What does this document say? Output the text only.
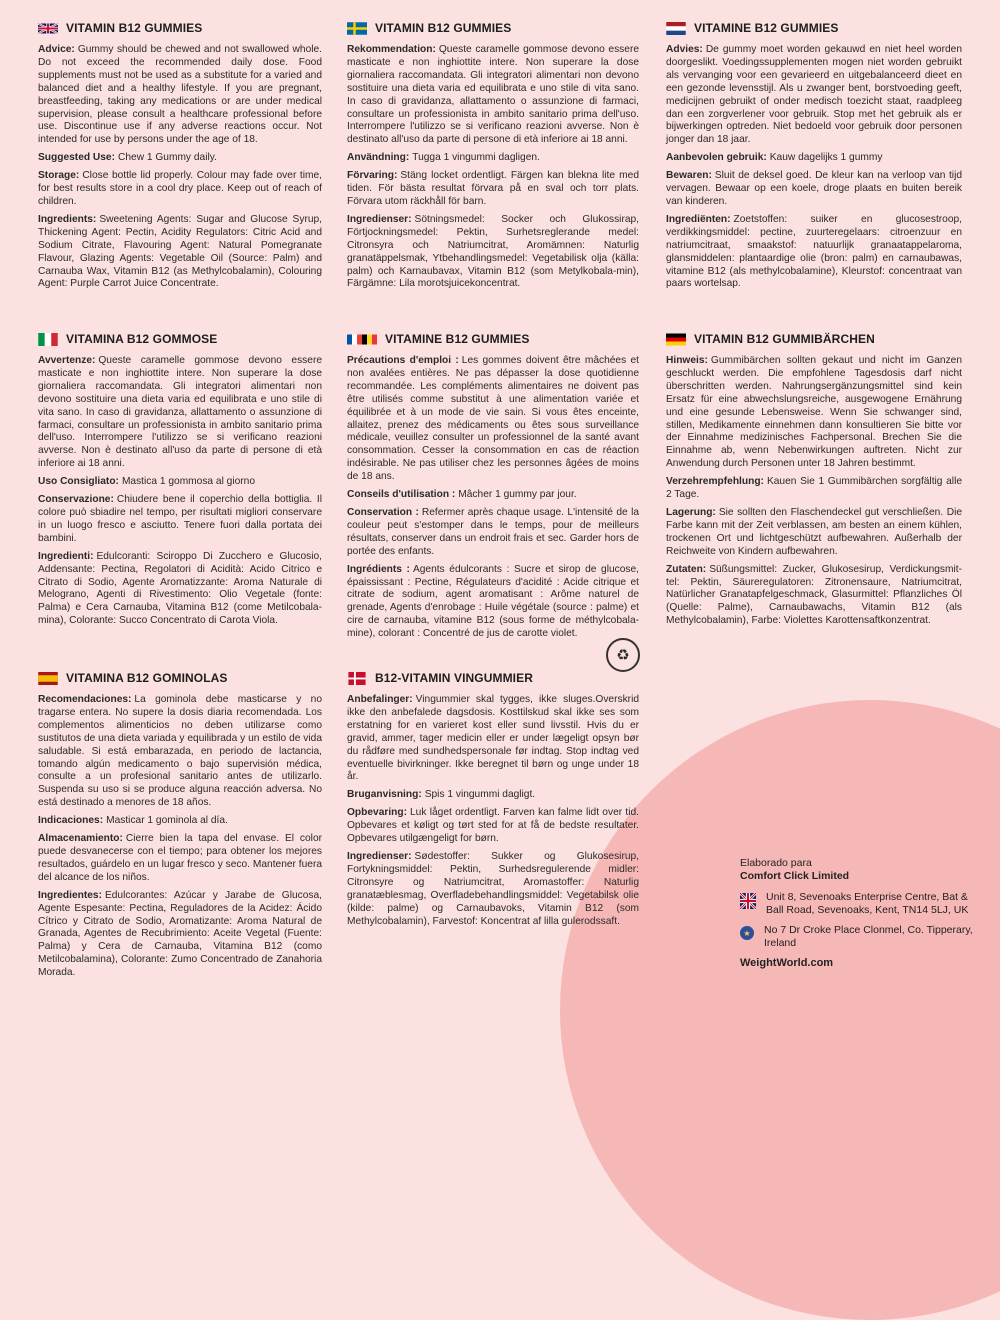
VITAMIN B12 GUMMIES

Advice: Gummy should be chewed and not swallowed whole. Do not exceed the recommended daily dose. Food supplements must not be used as a substitute for a varied and balanced diet and a healthy lifestyle. If you are pregnant, breastfeeding, taking any medications or are under medical supervision, please consult a healthcare professional before use. Discontinue use if any adverse reactions occur. Not intended for use by persons under the age of 18.

Suggested Use: Chew 1 Gummy daily.

Storage: Close bottle lid properly. Colour may fade over time, for best results store in a cool dry place. Keep out of reach of children.

Ingredients: Sweetening Agents: Sugar and Glucose Syrup, Thickening Agent: Pectin, Acidity Regulators: Citric Acid and Sodium Citrate, Flavouring Agent: Natural Pomegranate Flavour, Glazing Agents: Vegetable Oil (Source: Palm) and Carnauba Wax, Vitamin B12 (as Methylcobalamin), Colouring Agent: Purple Carrot Juice Concentrate.

VITAMIN B12 GUMMIES

Rekommendation: Queste caramelle gommose devono essere masticate e non inghiottite intere. Non superare la dose giornaliera raccomandata. Gli integratori alimentari non devono sostituire una dieta varia ed equilibrata e uno stile di vita sano. In caso di gravidanza, allattamento o assunzione di farmaci, consultare un professionista in ambito sanitario prima dell'uso. Interrompere l'utilizzo se si verificano reazioni avverse. Non è destinato all'uso da parte di persone di età inferiore ai 18 anni.

Användning: Tugga 1 vingummi dagligen.

Förvaring: Stäng locket ordentligt. Färgen kan blekna lite med tiden. För bästa resultat förvara på en sval och torr plats. Förvara utom räckhåll för barn.

Ingredienser: Sötningsmedel: Socker och Glukossirap, Förtjockningsmedel: Pektin, Surhetsreglerande medel: Citronsyra och Natriumcitrat, Aromämnen: Naturlig granatäppelsmak, Ytbehandlingsmedel: Vegetabilisk olja (källa: palm) och Karnaubavax, Vitamin B12 (som Metylkobala-min), Färgämne: Lila morotsjuicekoncentrat.

VITAMINE B12 GUMMIES

Advies: De gummy moet worden gekauwd en niet heel worden doorgeslikt. Voedingssupplementen mogen niet worden gebruikt als vervanging voor een gevarieerd en uitgebalanceerd dieet en een gezonde levensstijl. Als u zwanger bent, borstvoeding geeft, medicijnen gebruikt of onder medisch toezicht staat, raadpleeg dan een zorgverlener voor gebruik. Stop met het gebruik als er bijwerkingen optreden. Niet bedoeld voor gebruik door personen jonger dan 18 jaar.

Aanbevolen gebruik: Kauw dagelijks 1 gummy

Bewaren: Sluit de deksel goed. De kleur kan na verloop van tijd vervagen. Bewaar op een koele, droge plaats en buiten bereik van kinderen.

Ingrediënten: Zoetstoffen: suiker en glucosestroop, verdikkingsmiddel: pectine, zuurteregelaars: citroenzuur en natriumcitraat, smaakstof: natuurlijk granaatappelaroma, glansmiddelen: plantaardige olie (bron: palm) en carnaubawas, vitamine B12 (als methylcobalamine), Kleurstof: concentraat van paars wortelsap.

VITAMINA B12 GOMMOSE

Avvertenze: Queste caramelle gommose devono essere masticate e non inghiottite intere. Non superare la dose giornaliera raccomandata. Gli integratori alimentari non devono sostituire una dieta varia ed equilibrata e uno stile di vita sano. In caso di gravidanza, allattamento o assunzione di farmaci, consultare un professionista in ambito sanitario prima dell'uso. Interrompere l'utilizzo se si verificano reazioni avverse. Non è destinato all'uso da parte di persone di età inferiore ai 18 anni.

Uso Consigliato: Mastica 1 gommosa al giorno

Conservazione: Chiudere bene il coperchio della bottiglia. Il colore può sbiadire nel tempo, per risultati migliori conservare in un luogo fresco e asciutto. Tenere fuori dalla portata dei bambini.

Ingredienti: Edulcoranti: Sciroppo Di Zucchero e Glucosio, Addensante: Pectina, Regolatori di Acidità: Acido Citrico e Citrato di Sodio, Agente Aromatizzante: Aroma Naturale di Melograno, Agenti di Rivestimento: Olio Vegetale (fonte: Palma) e Cera Carnauba, Vitamina B12 (come Metilcobala-mina), Colorante: Succo Concentrato di Carota Viola.

VITAMINE B12 GUMMIES

Précautions d'emploi : Les gommes doivent être mâchées et non avalées entières. Ne pas dépasser la dose quotidienne recommandée. Les compléments alimentaires ne doivent pas être utilisés comme substitut à une alimentation variée et équilibrée et à un mode de vie sain. Si vous êtes enceinte, allaitez, prenez des médicaments ou êtes sous surveillance médicale, veuillez consulter un professionnel de la santé avant consommation. Cesser la consommation en cas de réaction indésirable. Ne pas utiliser chez les personnes âgées de moins de 18 ans.

Conseils d'utilisation : Mâcher 1 gummy par jour.

Conservation : Refermer après chaque usage. L'intensité de la couleur peut s'estomper dans le temps, pour de meilleurs résultats, conserver dans un endroit frais et sec. Garder hors de portée des enfants.

Ingrédients : Agents édulcorants : Sucre et sirop de glucose, épaississant : Pectine, Régulateurs d'acidité : Acide citrique et citrate de sodium, agent aromatisant : Arôme naturel de grenade, Agents d'enrobage : Huile végétale (source : palme) et cire de carnauba, vitamine B12 (sous forme de méthylcobala-mine), colorant : Concentré de jus de carotte violet.

VITAMIN B12 GUMMIBÄRCHEN

Hinweis: Gummibärchen sollten gekaut und nicht im Ganzen geschluckt werden. Die empfohlene Tagesdosis darf nicht überschritten werden. Nahrungsergänzungsmittel sind kein Ersatz für eine abwechslungsreiche, ausgewogene Ernährung und eine gesunde Lebensweise. Wenn Sie schwanger sind, stillen, Medikamente einnehmen dann konsultieren Sie bitte vor der Einnahme medizinisches Fachpersonal. Brechen Sie die Einnahme ab, wenn Nebenwirkungen auftreten. Nicht zur Anwendung durch Personen unter 18 Jahren bestimmt.

Verzehrempfehlung: Kauen Sie 1 Gummibärchen sorgfältig alle 2 Tage.

Lagerung: Sie sollten den Flaschendeckel gut verschließen. Die Farbe kann mit der Zeit verblassen, am besten an einem kühlen, trockenen Ort und lichtgeschützt aufbewahren. Außerhalb der Reichweite von Kindern aufbewahren.

Zutaten: Süßungsmittel: Zucker, Glukosesirup, Verdickungsmit-tel: Pektin, Säureregulatoren: Zitronensaure, Natriumcitrat, Natürlicher Granatapfelgeschmack, Glasurmittel: Pflanzliches Öl (Quelle: Palme), Carnaubawachs, Vitamin B12 (als Methylcobalamin), Farbe: Violettes Karottensaftkonzentrat.

VITAMINA B12 GOMINOLAS

Recomendaciones: La gominola debe masticarse y no tragarse entera. No supere la dosis diaria recomendada. Los complementos alimenticios no deben utilizarse como sustitutos de una dieta variada y equilibrada y un estilo de vida saludable. Si está embarazada, en periodo de lactancia, tomando algún medicamento o bajo supervisión médica, consulte a un profesional sanitario antes de utilizarlo. Suspenda su uso si se produce alguna reacción adversa. No está destinado a menores de 18 años.

Indicaciones: Masticar 1 gominola al día.

Almacenamiento: Cierre bien la tapa del envase. El color puede desvanecerse con el tiempo; para obtener los mejores resultados, guárdelo en un lugar fresco y seco. Mantener fuera del alcance de los niños.

Ingredientes: Edulcorantes: Azúcar y Jarabe de Glucosa, Agente Espesante: Pectina, Reguladores de la Acidez: Ácido Cítrico y Citrato de Sodio, Aromatizante: Aroma Natural de Granada, Agentes de Recubrimiento: Aceite Vegetal (Fuente: Palma) y Cera de Carnauba, Vitamina B12 (como Metilcobalamina), Colorante: Zumo Concentrado de Zanahoria Morada.

B12-VITAMIN VINGUMMIER

Anbefalinger: Vingummier skal tygges, ikke sluges.Overskrid ikke den anbefalede dagsdosis. Kosttilskud skal ikke ses som erstatning for en varieret kost eller sund livsstil. Hvis du er gravid, ammer, tager medicin eller er under lægeligt opsyn bør du rådføre med sundhedspersonale før indtag. Stop indtag ved eventuelle bivirkninger. Ikke beregnet til børn og unge under 18 år.

Bruganvisning: Spis 1 vingummi dagligt.

Opbevaring: Luk låget ordentligt. Farven kan falme lidt over tid. Opbevares et køligt og tørt sted for at få de bedste resultater. Opbevares utilgængeligt for børn.

Ingredienser: Sødestoffer: Sukker og Glukosesirup, Fortykningsmiddel: Pektin, Surhedsregulerende midler: Citronsyre og Natriumcitrat, Aromastoffer: Naturlig granatæblesmag, Overfladebehandlingsmiddel: Vegetabilsk olie (kilde: palme) og Carnaubavoks, Vitamin B12 (som Methylcobalamin), Farvestof: Koncentrat af lilla gulerodssaft.

♻
Elaborado para
Comfort Click Limited
Unit 8, Sevenoaks Enterprise Centre, Bat & Ball Road, Sevenoaks, Kent, TN14 5LJ, UK
★	No 7 Dr Croke Place Clonmel, Co. Tipperary, Ireland
WeightWorld.com
